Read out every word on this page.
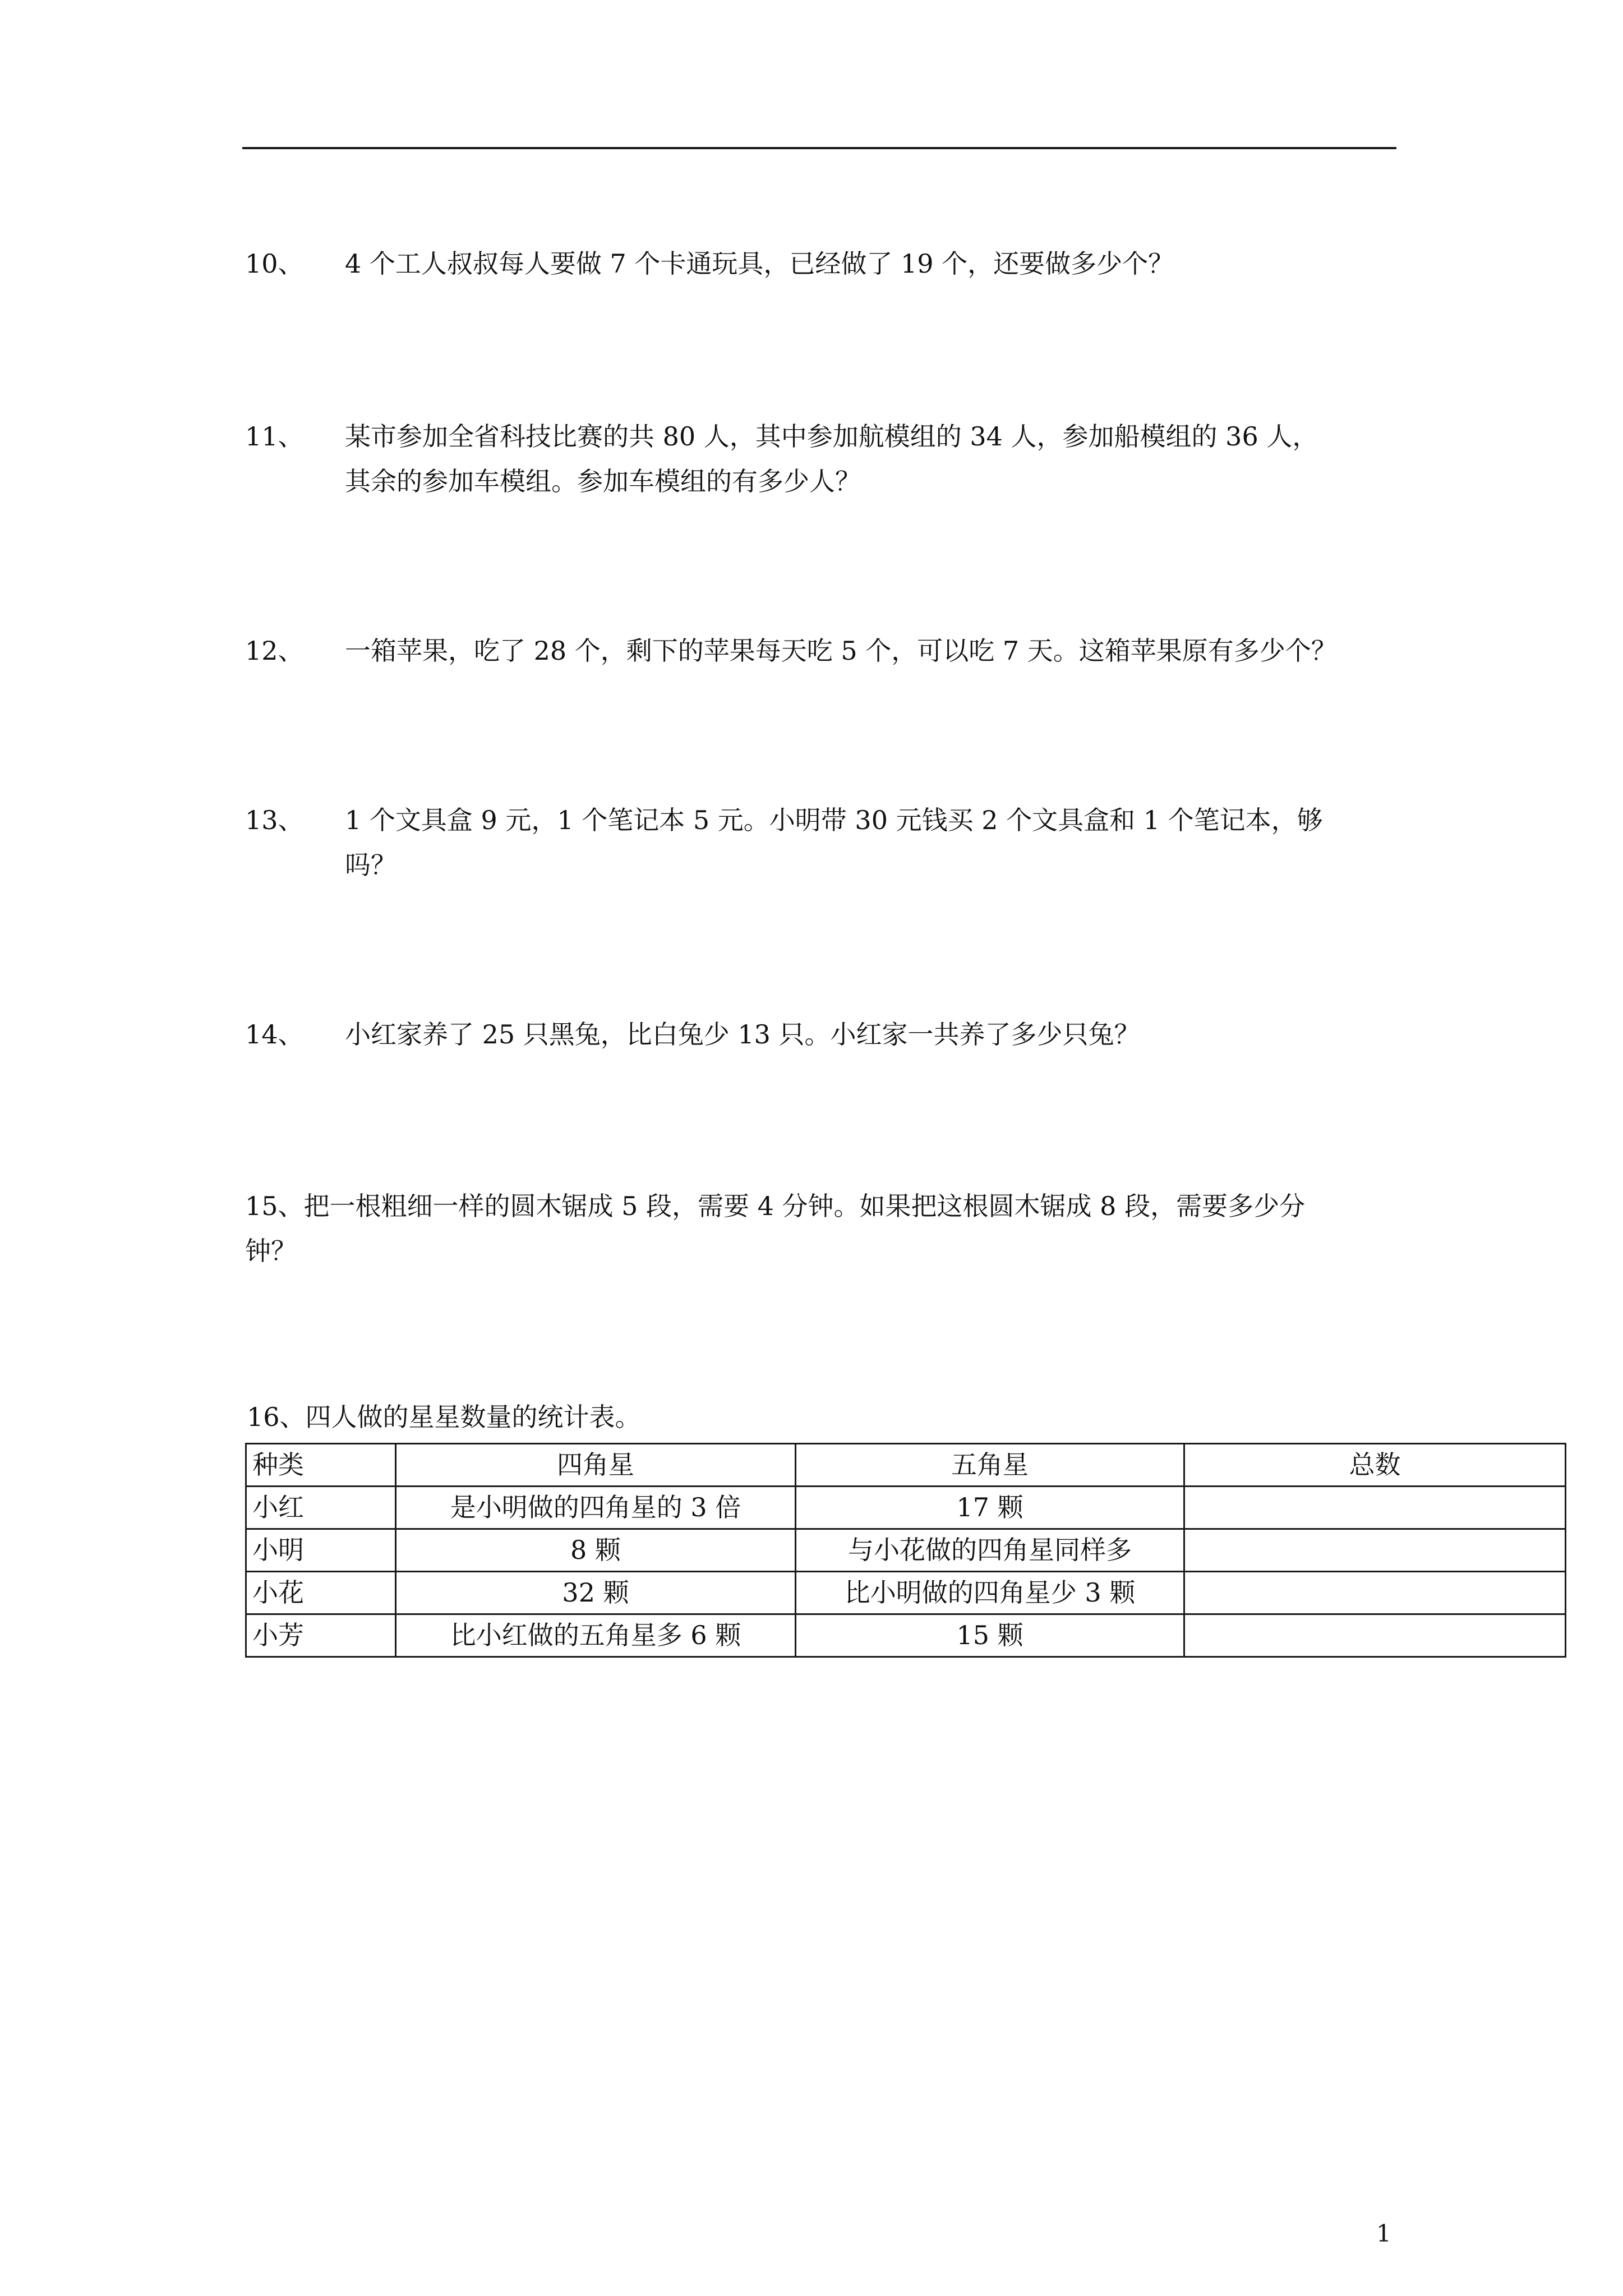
10、 4 个工人叔叔每人要做 7 个卡通玩具，已经做了 19 个，还要做多少个？
11、 某市参加全省科技比赛的共 80 人，其中参加航模组的 34 人，参加船模组的 36 人，
其余的参加车模组。参加车模组的有多少人？
12、 一箱苹果，吃了 28 个，剩下的苹果每天吃 5 个，可以吃 7 天。这箱苹果原有多少个？
13、 1 个文具盒 9 元，1 个笔记本 5 元。小明带 30 元钱买 2 个文具盒和 1 个笔记本，够
吗？
14、 小红家养了 25 只黑兔，比白兔少 13 只。小红家一共养了多少只兔？
15、把一根粗细一样的圆木锯成 5 段，需要 4 分钟。如果把这根圆木锯成 8 段，需要多少分
钟？
16、四人做的星星数量的统计表。
种类	四角星	五角星	总数
小红	是小明做的四角星的 3 倍	17 颗	
小明	8 颗	与小花做的四角星同样多	
小花	32 颗	比小明做的四角星少 3 颗	
小芳	比小红做的五角星多 6 颗	15 颗	
1
